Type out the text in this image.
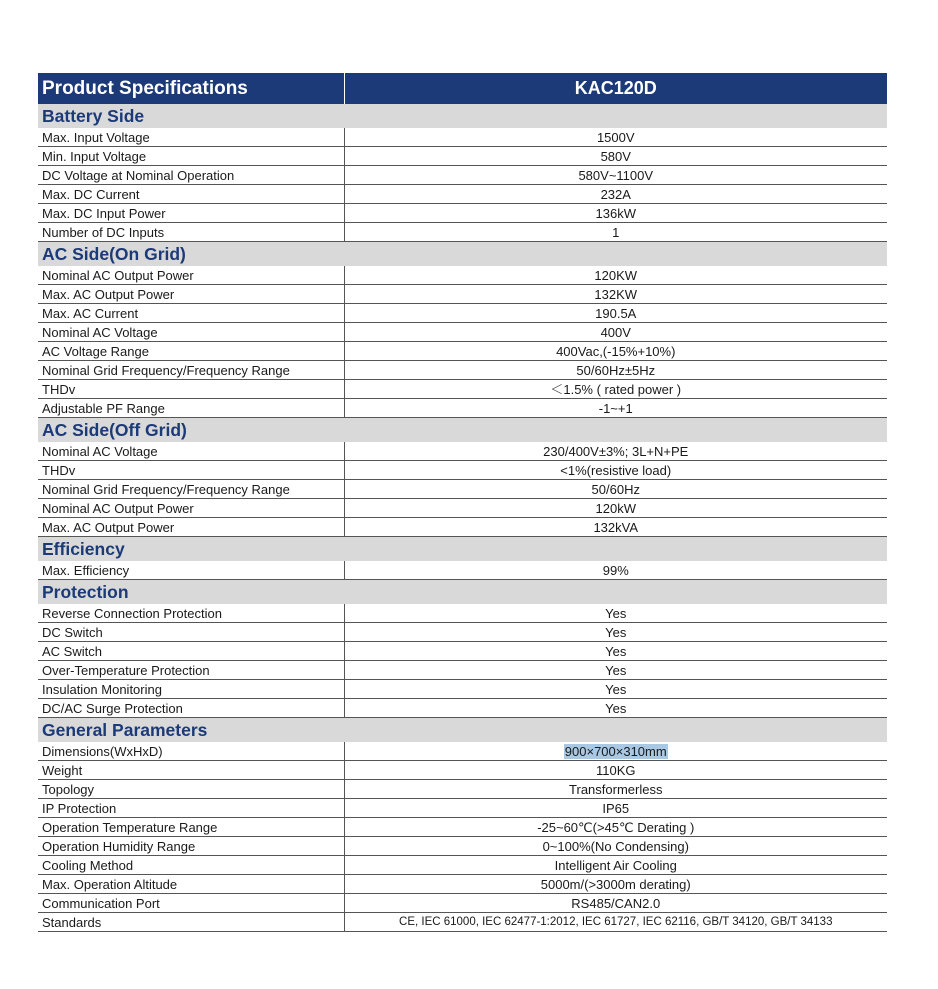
Product Specifications	KAC120D
Battery Side	
Max. Input Voltage	1500V
Min. Input Voltage	580V
DC Voltage at Nominal Operation	580V~1100V
Max. DC Current	232A
Max. DC Input Power	136kW
Number of DC Inputs	1
AC Side(On Grid)	
Nominal AC Output Power	120KW
Max. AC Output Power	132KW
Max. AC Current	190.5A
Nominal AC Voltage	400V
AC Voltage Range	400Vac,(-15%+10%)
Nominal Grid Frequency/Frequency Range	50/60Hz±5Hz
THDv	＜1.5% ( rated power )
Adjustable PF Range	-1~+1
AC Side(Off Grid)	
Nominal AC Voltage	230/400V±3%; 3L+N+PE
THDv	<1%(resistive load)
Nominal Grid Frequency/Frequency Range	50/60Hz
Nominal AC Output Power	120kW
Max. AC Output Power	132kVA
Efficiency	
Max. Efficiency	99%
Protection	
Reverse Connection Protection	Yes
DC Switch	Yes
AC Switch	Yes
Over-Temperature Protection	Yes
Insulation Monitoring	Yes
DC/AC Surge Protection	Yes
General Parameters	
Dimensions(WxHxD)	900×700×310mm
Weight	110KG
Topology	Transformerless
IP Protection	IP65
Operation Temperature Range	-25~60℃(>45℃ Derating )
Operation Humidity Range	0~100%(No Condensing)
Cooling Method	Intelligent Air Cooling
Max. Operation Altitude	5000m/(>3000m derating)
Communication Port	RS485/CAN2.0
Standards	CE, IEC 61000, IEC 62477-1:2012, IEC 61727, IEC 62116, GB/T 34120, GB/T 34133
